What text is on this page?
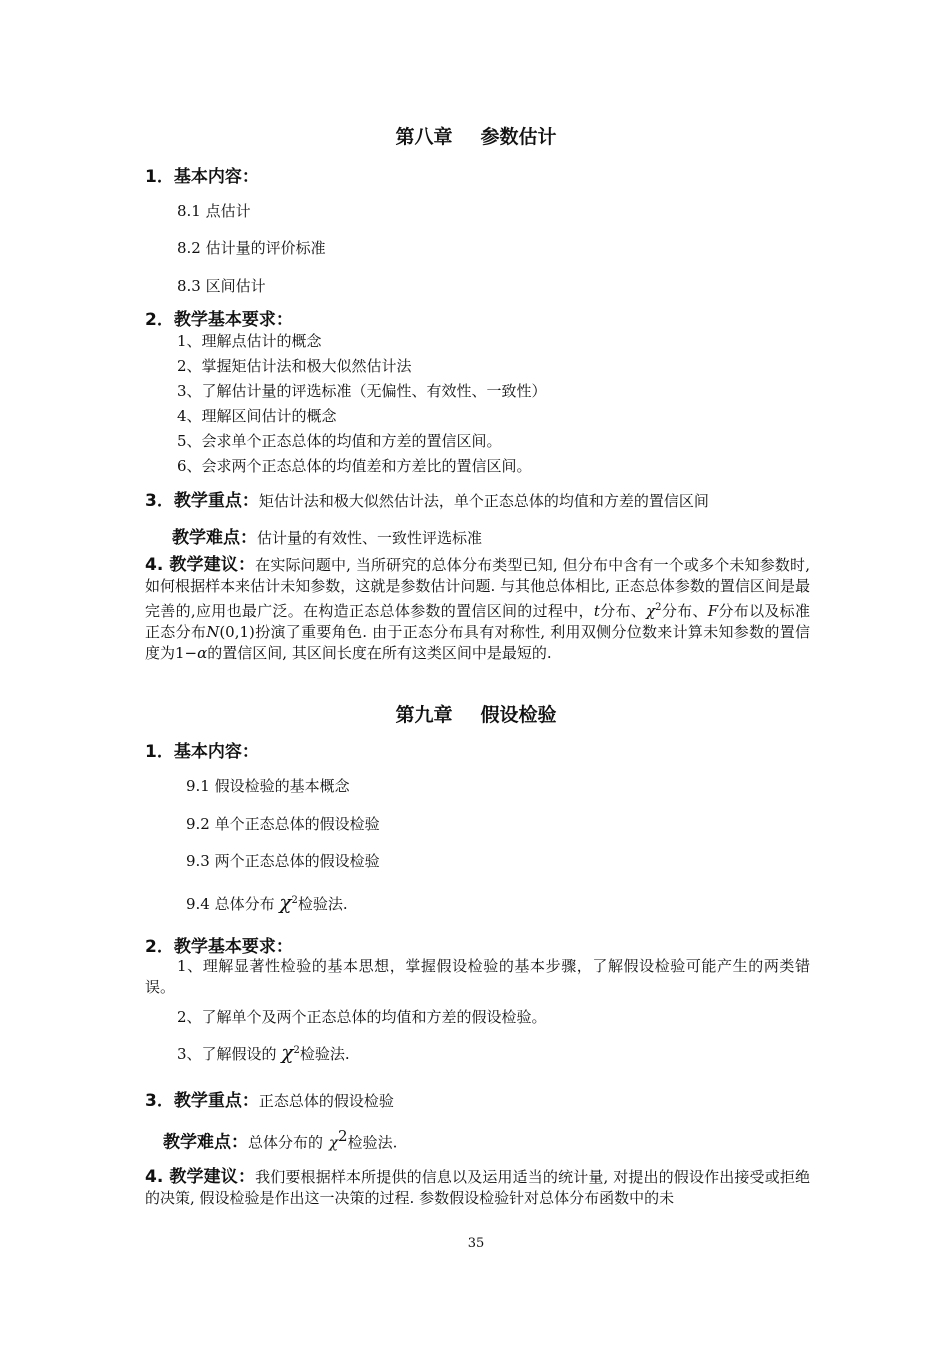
第八章 参数估计
1．基本内容：
8.1 点估计
8.2 估计量的评价标准
8.3 区间估计
2．教学基本要求：
1、理解点估计的概念
2、掌握矩估计法和极大似然估计法
3、了解估计量的评选标准（无偏性、有效性、一致性）
4、理解区间估计的概念
5、会求单个正态总体的均值和方差的置信区间。
6、会求两个正态总体的均值差和方差比的置信区间。
3．教学重点：矩估计法和极大似然估计法，单个正态总体的均值和方差的置信区间
教学难点：估计量的有效性、一致性评选标准
4. 教学建议：在实际问题中, 当所研究的总体分布类型已知, 但分布中含有一个或多个未知参数时, 如何根据样本来估计未知参数，这就是参数估计问题. 与其他总体相比, 正态总体参数的置信区间是最完善的,应用也最广泛。在构造正态总体参数的置信区间的过程中，t分布、$\chi^2$分布、F分布以及标准正态分布N(0,1)扮演了重要角色. 由于正态分布具有对称性, 利用双侧分位数来计算未知参数的置信度为1−α的置信区间, 其区间长度在所有这类区间中是最短的.
第九章 假设检验
1．基本内容：
9.1 假设检验的基本概念
9.2 单个正态总体的假设检验
9.3 两个正态总体的假设检验
9.4 总体分布 $\chi^2$检验法.
2．教学基本要求：
1、理解显著性检验的基本思想，掌握假设检验的基本步骤，了解假设检验可能产生的两类错误。
2、了解单个及两个正态总体的均值和方差的假设检验。
3、了解假设的 $\chi^2$检验法.
3．教学重点：正态总体的假设检验
教学难点：总体分布的 $\chi^2$检验法.
4. 教学建议：我们要根据样本所提供的信息以及运用适当的统计量, 对提出的假设作出接受或拒绝的决策, 假设检验是作出这一决策的过程. 参数假设检验针对总体分布函数中的未
35
